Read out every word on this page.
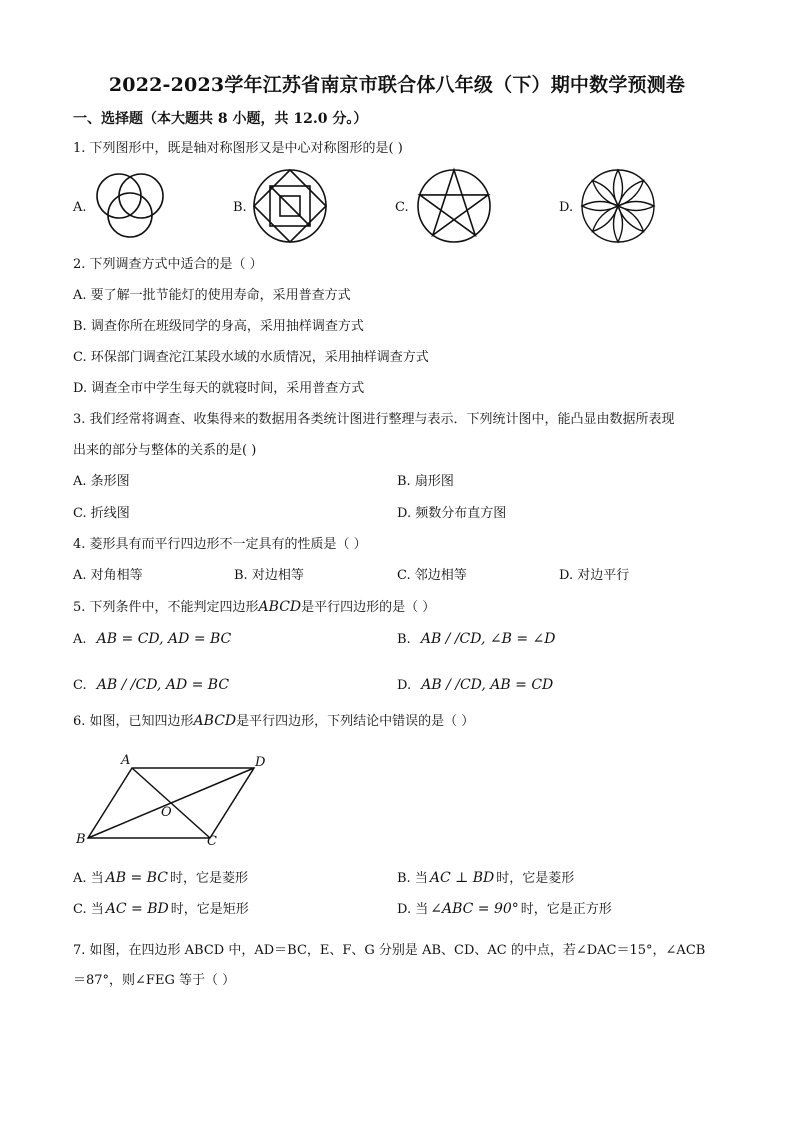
2022-2023学年江苏省南京市联合体八年级（下）期中数学预测卷
一、选择题（本大题共 8 小题，共 12.0 分。）
1. 下列图形中，既是轴对称图形又是中心对称图形的是( )
A.	B.	C.	D.
2. 下列调查方式中适合的是（ ）
A. 要了解一批节能灯的使用寿命，采用普查方式
B. 调查你所在班级同学的身高，采用抽样调查方式
C. 环保部门调查沱江某段水域的水质情况，采用抽样调查方式
D. 调查全市中学生每天的就寝时间，采用普查方式
3. 我们经常将调查、收集得来的数据用各类统计图进行整理与表示．下列统计图中，能凸显由数据所表现
出来的部分与整体的关系的是( )
A. 条形图	B. 扇形图
C. 折线图	D. 频数分布直方图
4. 菱形具有而平行四边形不一定具有的性质是（ ）
A. 对角相等	B. 对边相等	C. 邻边相等	D. 对边平行
5. 下列条件中，不能判定四边形ABCD是平行四边形的是（ ）
A. AB = CD, AD = BC	B. AB / /CD, ∠B = ∠D
C. AB / /CD, AD = BC	D. AB / /CD, AB = CD
6. 如图，已知四边形ABCD是平行四边形，下列结论中错误的是（ ）
A	D
B	C
O
A. 当 AB = BC 时，它是菱形	B. 当 AC ⊥ BD 时，它是菱形
C. 当 AC = BD 时，它是矩形	D. 当 ∠ABC = 90° 时，它是正方形
7. 如图，在四边形 ABCD 中，AD＝BC，E、F、G 分别是 AB、CD、AC 的中点，若∠DAC＝15°，∠ACB
＝87°，则∠FEG 等于（ ）
